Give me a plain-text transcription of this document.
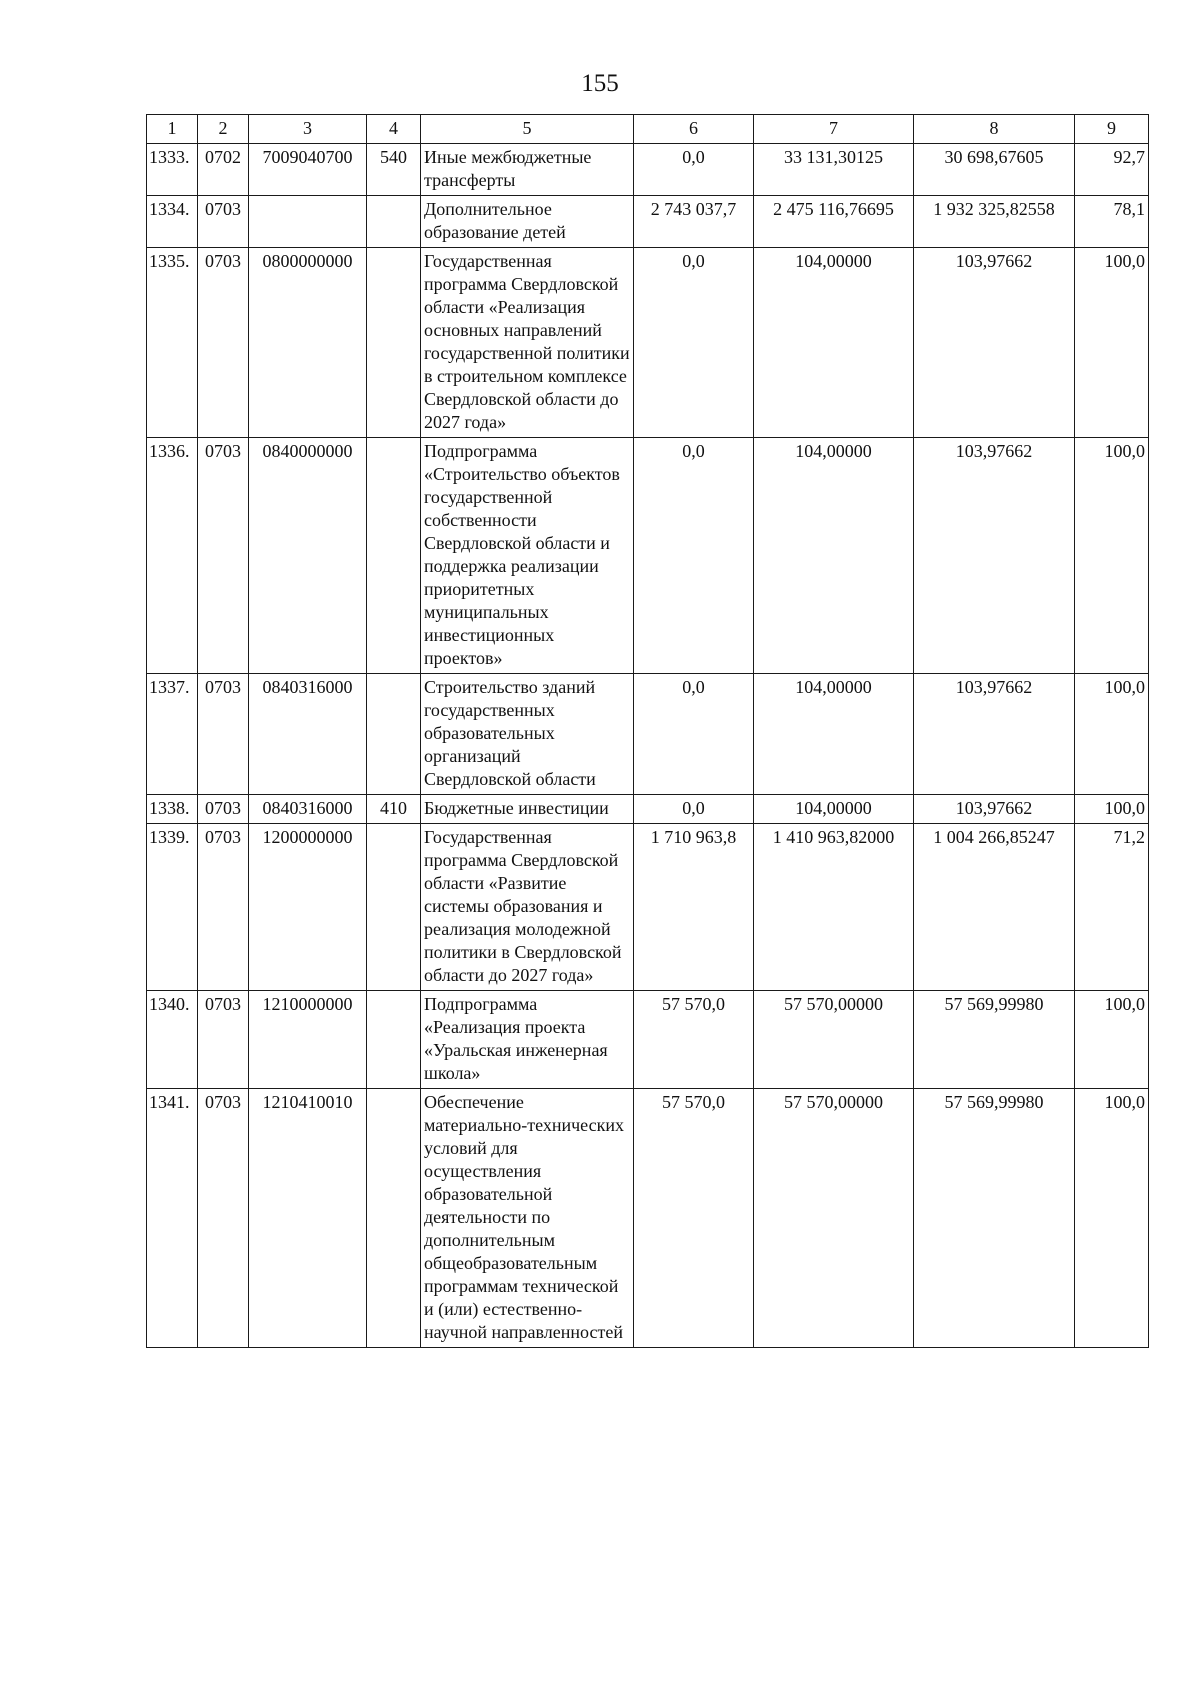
155
1	2	3	4	5	6	7	8	9
1333.	0702	7009040700	540	Иные межбюджетные трансферты	0,0	33 131,30125	30 698,67605	92,7
1334.	0703			Дополнительное образование детей	2 743 037,7	2 475 116,76695	1 932 325,82558	78,1
1335.	0703	0800000000		Государственная программа Свердловской области «Реализация основных направлений государственной политики в строительном комплексе Свердловской области до 2027 года»	0,0	104,00000	103,97662	100,0
1336.	0703	0840000000		Подпрограмма «Строительство объектов государственной собственности Свердловской области и поддержка реализации приоритетных муниципальных инвестиционных проектов»	0,0	104,00000	103,97662	100,0
1337.	0703	0840316000		Строительство зданий государственных образовательных организаций Свердловской области	0,0	104,00000	103,97662	100,0
1338.	0703	0840316000	410	Бюджетные инвестиции	0,0	104,00000	103,97662	100,0
1339.	0703	1200000000		Государственная программа Свердловской области «Развитие системы образования и реализация молодежной политики в Свердловской области до 2027 года»	1 710 963,8	1 410 963,82000	1 004 266,85247	71,2
1340.	0703	1210000000		Подпрограмма «Реализация проекта «Уральская инженерная школа»	57 570,0	57 570,00000	57 569,99980	100,0
1341.	0703	1210410010		Обеспечение материально-технических условий для осуществления образовательной деятельности по дополнительным общеобразовательным программам технической и (или) естественно-научной направленностей	57 570,0	57 570,00000	57 569,99980	100,0
